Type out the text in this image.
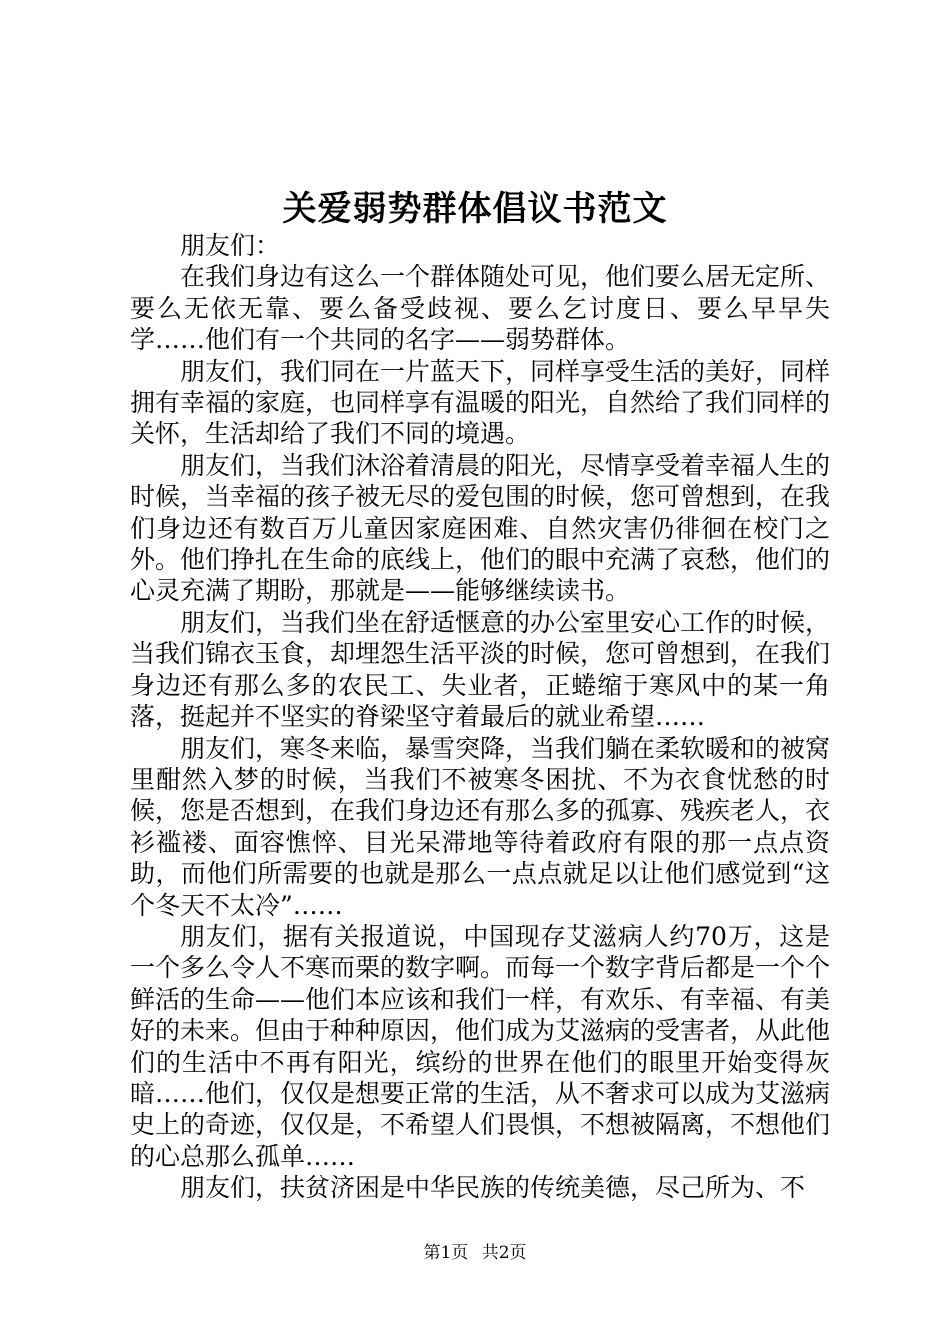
关爱弱势群体倡议书范文

朋友们：

在我们身边有这么一个群体随处可见，他们要么居无定所、要么无依无靠、要么备受歧视、要么乞讨度日、要么早早失学……他们有一个共同的名字——弱势群体。

朋友们，我们同在一片蓝天下，同样享受生活的美好，同样拥有幸福的家庭，也同样享有温暖的阳光，自然给了我们同样的关怀，生活却给了我们不同的境遇。

朋友们，当我们沐浴着清晨的阳光，尽情享受着幸福人生的时候，当幸福的孩子被无尽的爱包围的时候，您可曾想到，在我们身边还有数百万儿童因家庭困难、自然灾害仍徘徊在校门之外。他们挣扎在生命的底线上，他们的眼中充满了哀愁，他们的心灵充满了期盼，那就是——能够继续读书。

朋友们，当我们坐在舒适惬意的办公室里安心工作的时候，当我们锦衣玉食，却埋怨生活平淡的时候，您可曾想到，在我们身边还有那么多的农民工、失业者，正蜷缩于寒风中的某一角落，挺起并不坚实的脊梁坚守着最后的就业希望……

朋友们，寒冬来临，暴雪突降，当我们躺在柔软暖和的被窝里酣然入梦的时候，当我们不被寒冬困扰、不为衣食忧愁的时候，您是否想到，在我们身边还有那么多的孤寡、残疾老人，衣衫褴褛、面容憔悴、目光呆滞地等待着政府有限的那一点点资助，而他们所需要的也就是那么一点点就足以让他们感觉到“这个冬天不太冷”……

朋友们，据有关报道说，中国现存艾滋病人约70万，这是一个多么令人不寒而栗的数字啊。而每一个数字背后都是一个个鲜活的生命——他们本应该和我们一样，有欢乐、有幸福、有美好的未来。但由于种种原因，他们成为艾滋病的受害者，从此他们的生活中不再有阳光，缤纷的世界在他们的眼里开始变得灰暗……他们，仅仅是想要正常的生活，从不奢求可以成为艾滋病史上的奇迹，仅仅是，不希望人们畏惧，不想被隔离，不想他们的心总那么孤单……

朋友们，扶贫济困是中华民族的传统美德，尽己所为、不

第1页 共2页
